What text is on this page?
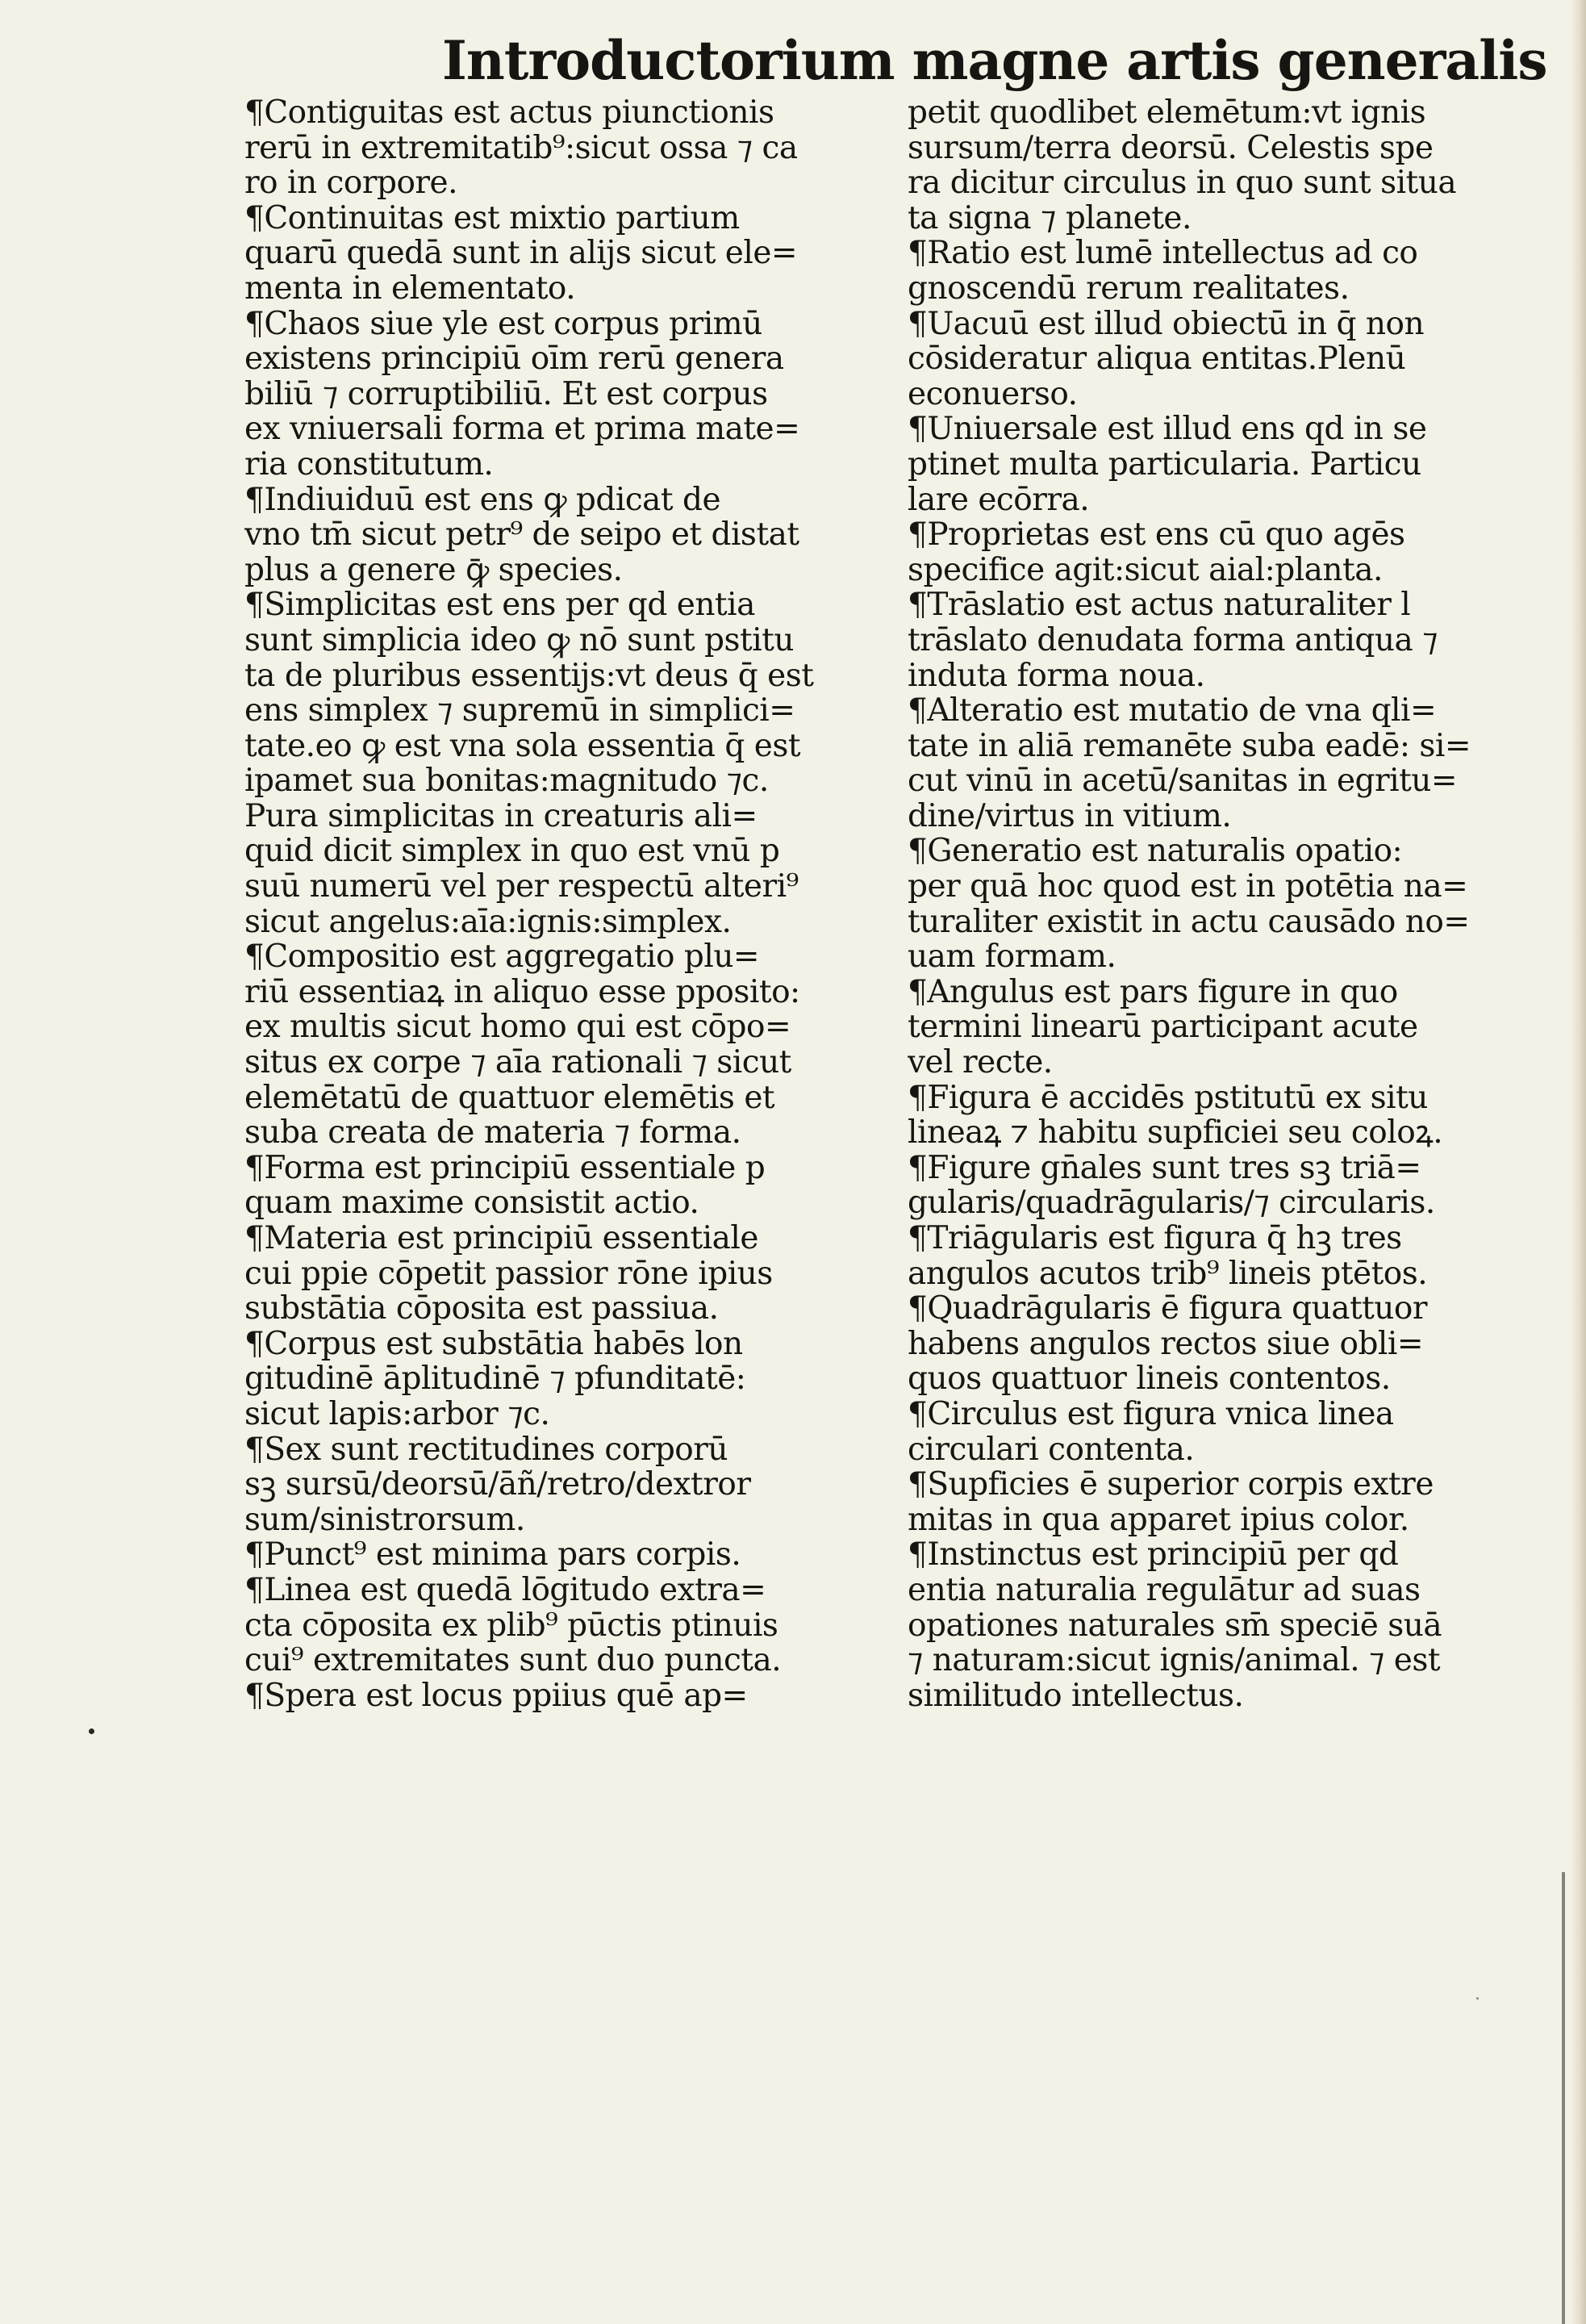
Introductorium magne artis generalis
¶Contiguitas est actus piunctionis
rerū in extremitatib⁹:sicut ossa ⁊ ca
ro in corpore.
¶Continuitas est mixtio partium
quarū quedā sunt in alijs sicut ele=
menta in elementato.
¶Chaos siue yle est corpus primū
existens principiū oīm rerū genera
biliū ⁊ corruptibiliū. Et est corpus
ex vniuersali forma et prima mate=
ria constitutum.
¶Indiuiduū est ens ꝙ pdicat de
vno tm̄ sicut petr⁹ de seipo et distat
plus a genere ꝙ̄ species.
¶Simplicitas est ens per qd̄ entia
sunt simplicia ideo ꝙ nō sunt pstitu
ta de pluribus essentijs:vt deus q̄ est
ens simplex ⁊ supremū in simplici=
tate.eo ꝙ est vna sola essentia q̄ est
ipamet sua bonitas:magnitudo ⁊c.
Pura simplicitas in creaturis ali=
quid dicit simplex in quo est vnū p
suū numerū vel per respectū alteri⁹
sicut angelus:aīa:ignis:simplex.
¶Compositio est aggregatio plu=
riū essentiaꝝ in aliquo esse pposito:
ex multis sicut homo qui est cōpo=
situs ex corpe ⁊ aīa rationali ⁊ sicut
elemētatū de quattuor elemētis et
suba creata de materia ⁊ forma.
¶Forma est principiū essentiale p
quam maxime consistit actio.
¶Materia est principiū essentiale
cui ppie cōpetit passior rōne ipius
substātia cōposita est passiua.
¶Corpus est substātia habēs lon
gitudinē āplitudinē ⁊ pfunditatē:
sicut lapis:arbor ⁊c.
¶Sex sunt rectitudines corporū
sꝫ sursū/deorsū/āñ/retro/dextror
sum/sinistrorsum.
¶Punct⁹ est minima pars corpis.
¶Linea est quedā lōgitudo extra=
cta cōposita ex plib⁹ pūctis ptinuis
cui⁹ extremitates sunt duo puncta.
¶Spera est locus ppiius quē ap=
petit quodlibet elemētum:vt ignis
sursum/terra deorsū. Celestis spe
ra dicitur circulus in quo sunt situa
ta signa ⁊ planete.
¶Ratio est lumē intellectus ad co
gnoscendū rerum realitates.
¶Uacuū est illud obiectū in q̄ non
cōsideratur aliqua entitas.Plenū
econuerso.
¶Uniuersale est illud ens qd̄ in se
ptinet multa particularia. Particu
lare ecōrra.
¶Proprietas est ens cū quo agēs
specifice agit:sicut aial:planta.
¶Trāslatio est actus naturaliter l
trāslato denudata forma antiqua ⁊
induta forma noua.
¶Alteratio est mutatio de vna qli=
tate in aliā remanēte suba eadē: si=
cut vinū in acetū/sanitas in egritu=
dine/virtus in vitium.
¶Generatio est naturalis opatio:
per quā hoc quod est in potētia na=
turaliter existit in actu causādo no=
uam formam.
¶Angulus est pars figure in quo
termini linearū participant acute
vel recte.
¶Figura ē accidēs pstitutū ex situ
lineaꝝ ⁊ habitu supficiei seu coloꝝ.
¶Figure gn̄ales sunt tres sꝫ triā=
gularis/quadrāgularis/⁊ circularis.
¶Triāgularis est figura q̄ hꝫ tres
angulos acutos trib⁹ lineis ptētos.
¶Quadrāgularis ē figura quattuor
habens angulos rectos siue obli=
quos quattuor lineis contentos.
¶Circulus est figura vnica linea
circulari contenta.
¶Supficies ē superior corpis extre
mitas in qua apparet ipius color.
¶Instinctus est principiū per qd̄
entia naturalia regulātur ad suas
opationes naturales sm̄ speciē suā
⁊ naturam:sicut ignis/animal. ⁊ est
similitudo intellectus.
